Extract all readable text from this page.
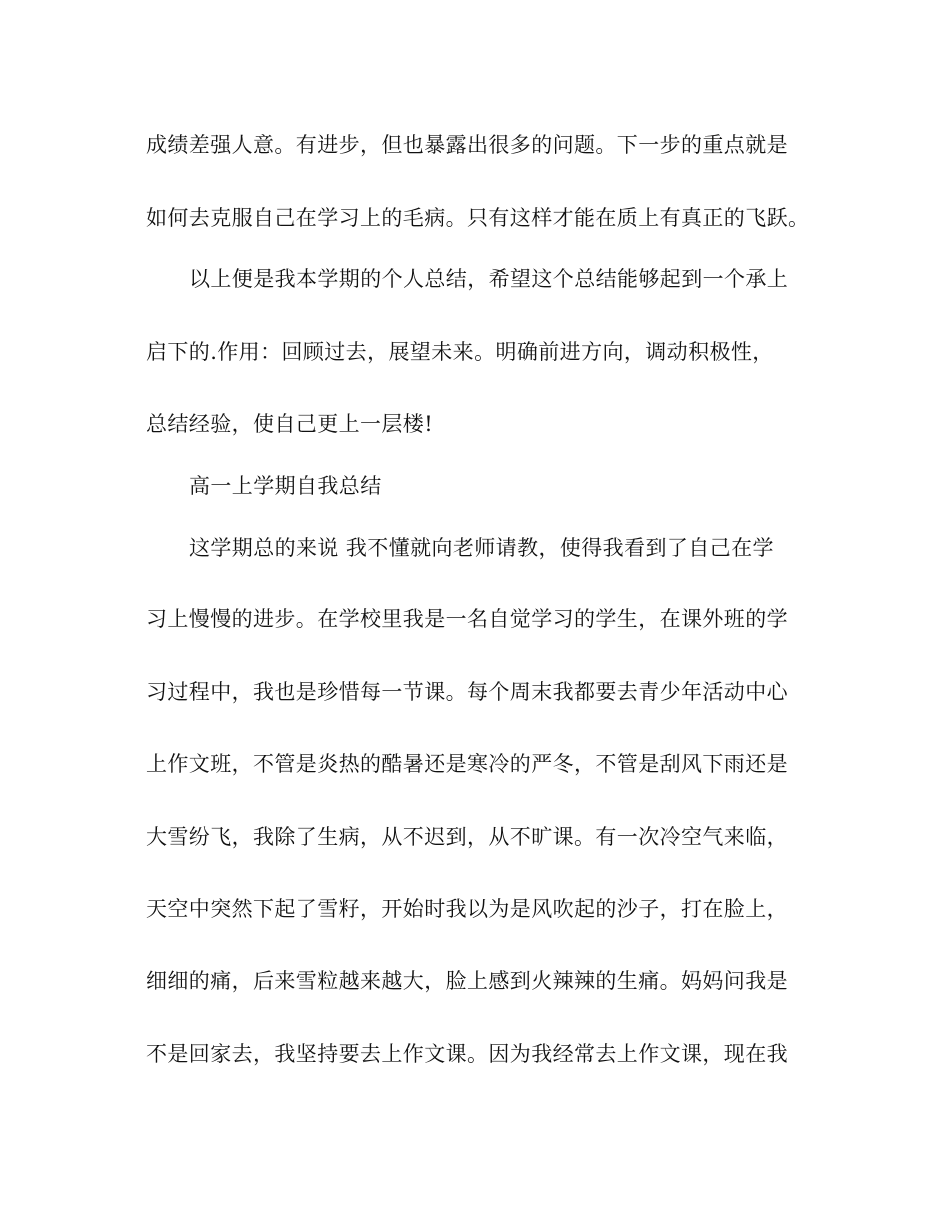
成绩差强人意。有进步，但也暴露出很多的问题。下一步的重点就是
如何去克服自己在学习上的毛病。只有这样才能在质上有真正的飞跃。
以上便是我本学期的个人总结，希望这个总结能够起到一个承上
启下的.作用：回顾过去，展望未来。明确前进方向，调动积极性，
总结经验，使自己更上一层楼!
高一上学期自我总结
这学期总的来说 我不懂就向老师请教，使得我看到了自己在学
习上慢慢的进步。在学校里我是一名自觉学习的学生，在课外班的学
习过程中，我也是珍惜每一节课。每个周末我都要去青少年活动中心
上作文班，不管是炎热的酷暑还是寒冷的严冬，不管是刮风下雨还是
大雪纷飞，我除了生病，从不迟到，从不旷课。有一次冷空气来临，
天空中突然下起了雪籽，开始时我以为是风吹起的沙子，打在脸上，
细细的痛，后来雪粒越来越大，脸上感到火辣辣的生痛。妈妈问我是
不是回家去，我坚持要去上作文课。因为我经常去上作文课，现在我
